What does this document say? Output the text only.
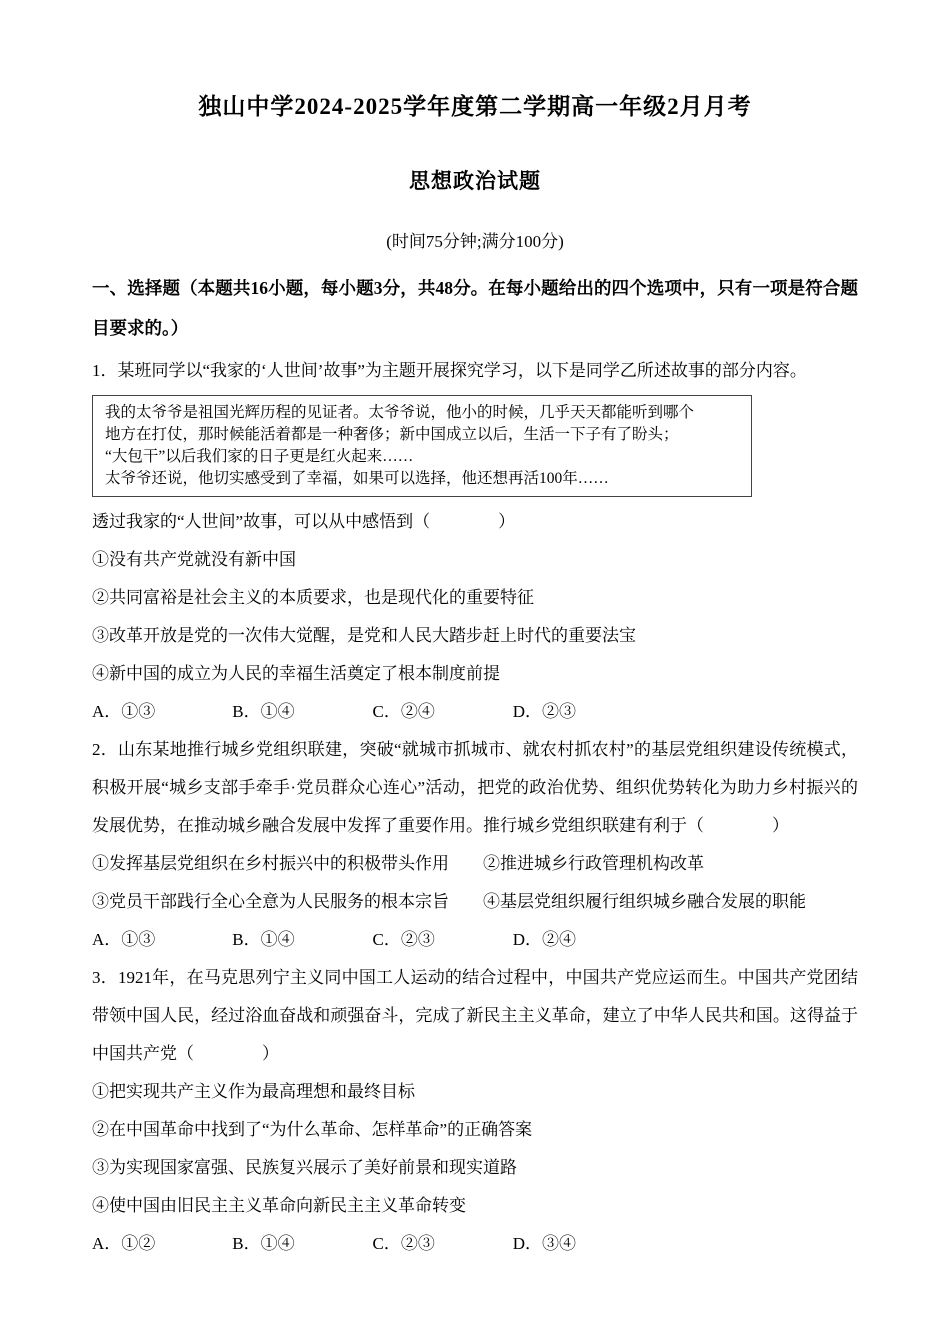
独山中学2024-2025学年度第二学期高一年级2月月考
思想政治试题
(时间75分钟;满分100分)
一、选择题（本题共16小题，每小题3分，共48分。在每小题给出的四个选项中，只有一项是符合题目要求的。）
1．某班同学以“我家的‘人世间’故事”为主题开展探究学习，以下是同学乙所述故事的部分内容。
我的太爷爷是祖国光辉历程的见证者。太爷爷说，他小的时候，几乎天天都能听到哪个
地方在打仗，那时候能活着都是一种奢侈；新中国成立以后，生活一下子有了盼头；
“大包干”以后我们家的日子更是红火起来……
太爷爷还说，他切实感受到了幸福，如果可以选择，他还想再活100年……
透过我家的“人世间”故事，可以从中感悟到（　　　　）
①没有共产党就没有新中国
②共同富裕是社会主义的本质要求，也是现代化的重要特征
③改革开放是党的一次伟大觉醒，是党和人民大踏步赶上时代的重要法宝
④新中国的成立为人民的幸福生活奠定了根本制度前提
A．①③	B．①④	C．②④	D．②③
2．山东某地推行城乡党组织联建，突破“就城市抓城市、就农村抓农村”的基层党组织建设传统模式，积极开展“城乡支部手牵手·党员群众心连心”活动，把党的政治优势、组织优势转化为助力乡村振兴的发展优势，在推动城乡融合发展中发挥了重要作用。推行城乡党组织联建有利于（　　　　）
①发挥基层党组织在乡村振兴中的积极带头作用　　②推进城乡行政管理机构改革
③党员干部践行全心全意为人民服务的根本宗旨　　④基层党组织履行组织城乡融合发展的职能
A．①③	B．①④	C．②③	D．②④
3．1921年，在马克思列宁主义同中国工人运动的结合过程中，中国共产党应运而生。中国共产党团结带领中国人民，经过浴血奋战和顽强奋斗，完成了新民主主义革命，建立了中华人民共和国。这得益于中国共产党（　　　　）
①把实现共产主义作为最高理想和最终目标
②在中国革命中找到了“为什么革命、怎样革命”的正确答案
③为实现国家富强、民族复兴展示了美好前景和现实道路
④使中国由旧民主主义革命向新民主主义革命转变
A．①②	B．①④	C．②③	D．③④
